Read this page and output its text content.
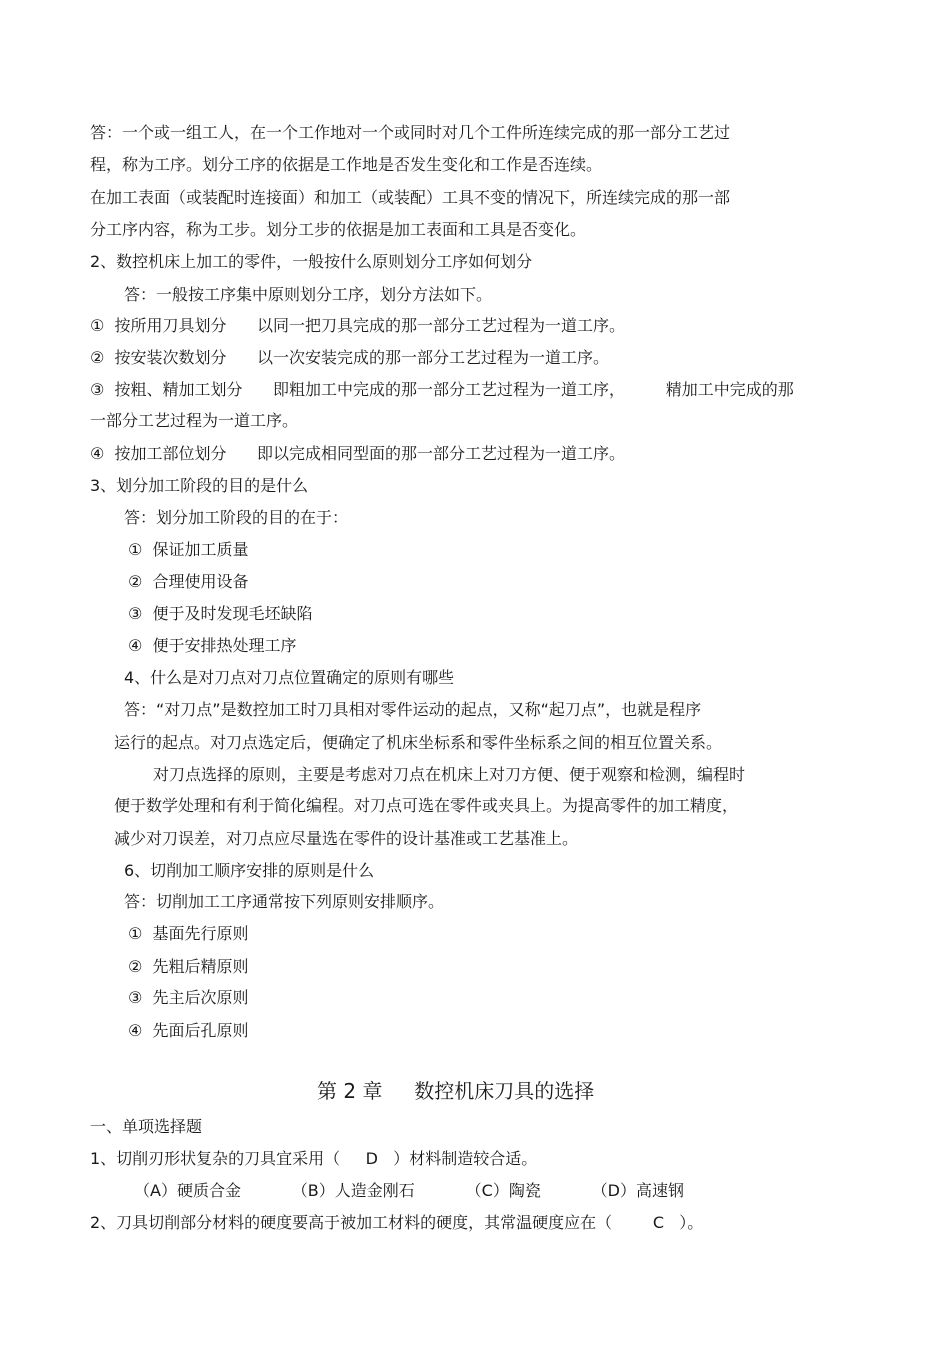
答：一个或一组工人，在一个工作地对一个或同时对几个工件所连续完成的那一部分工艺过
程，称为工序。划分工序的依据是工作地是否发生变化和工作是否连续。
在加工表面（或装配时连接面）和加工（或装配）工具不变的情况下，所连续完成的那一部
分工序内容，称为工步。划分工步的依据是加工表面和工具是否变化。
2、数控机床上加工的零件，一般按什么原则划分工序如何划分
答：一般按工序集中原则划分工序，划分方法如下。
①  按所用刀具划分      以同一把刀具完成的那一部分工艺过程为一道工序。
②  按安装次数划分      以一次安装完成的那一部分工艺过程为一道工序。
③  按粗、精加工划分      即粗加工中完成的那一部分工艺过程为一道工序，        精加工中完成的那
一部分工艺过程为一道工序。
④  按加工部位划分      即以完成相同型面的那一部分工艺过程为一道工序。
3、划分加工阶段的目的是什么
答：划分加工阶段的目的在于：
①  保证加工质量
②  合理使用设备
③  便于及时发现毛坯缺陷
④  便于安排热处理工序
4、什么是对刀点对刀点位置确定的原则有哪些
答：“对刀点”是数控加工时刀具相对零件运动的起点，又称“起刀点”，也就是程序
运行的起点。对刀点选定后，便确定了机床坐标系和零件坐标系之间的相互位置关系。
对刀点选择的原则，主要是考虑对刀点在机床上对刀方便、便于观察和检测，编程时
便于数学处理和有利于简化编程。对刀点可选在零件或夹具上。为提高零件的加工精度，
减少对刀误差，对刀点应尽量选在零件的设计基准或工艺基准上。
6、切削加工顺序安排的原则是什么
答：切削加工工序通常按下列原则安排顺序。
①  基面先行原则
②  先粗后精原则
③  先主后次原则
④  先面后孔原则
第 2 章     数控机床刀具的选择
一、单项选择题
1、切削刃形状复杂的刀具宜采用（     D   ）材料制造较合适。
（A）硬质合金          （B）人造金刚石          （C）陶瓷          （D）高速钢
2、刀具切削部分材料的硬度要高于被加工材料的硬度，其常温硬度应在（        C   ）。
